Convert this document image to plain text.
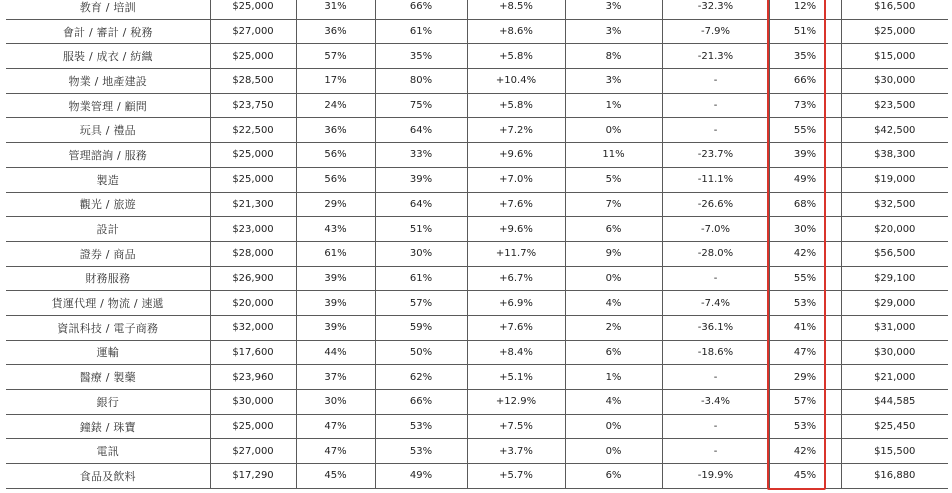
教育 / 培訓	$25,000	31%	66%	+8.5%	3%	-32.3%	12%	$16,500
會計 / 審計 / 稅務	$27,000	36%	61%	+8.6%	3%	-7.9%	51%	$25,000
服裝 / 成衣 / 紡織	$25,000	57%	35%	+5.8%	8%	-21.3%	35%	$15,000
物業 / 地產建設	$28,500	17%	80%	+10.4%	3%	-	66%	$30,000
物業管理 / 顧問	$23,750	24%	75%	+5.8%	1%	-	73%	$23,500
玩具 / 禮品	$22,500	36%	64%	+7.2%	0%	-	55%	$42,500
管理諮詢 / 服務	$25,000	56%	33%	+9.6%	11%	-23.7%	39%	$38,300
製造	$25,000	56%	39%	+7.0%	5%	-11.1%	49%	$19,000
觀光 / 旅遊	$21,300	29%	64%	+7.6%	7%	-26.6%	68%	$32,500
設計	$23,000	43%	51%	+9.6%	6%	-7.0%	30%	$20,000
證券 / 商品	$28,000	61%	30%	+11.7%	9%	-28.0%	42%	$56,500
財務服務	$26,900	39%	61%	+6.7%	0%	-	55%	$29,100
貨運代理 / 物流 / 速遞	$20,000	39%	57%	+6.9%	4%	-7.4%	53%	$29,000
資訊科技 / 電子商務	$32,000	39%	59%	+7.6%	2%	-36.1%	41%	$31,000
運輸	$17,600	44%	50%	+8.4%	6%	-18.6%	47%	$30,000
醫療 / 製藥	$23,960	37%	62%	+5.1%	1%	-	29%	$21,000
銀行	$30,000	30%	66%	+12.9%	4%	-3.4%	57%	$44,585
鐘錶 / 珠寶	$25,000	47%	53%	+7.5%	0%	-	53%	$25,450
電訊	$27,000	47%	53%	+3.7%	0%	-	42%	$15,500
食品及飲料	$17,290	45%	49%	+5.7%	6%	-19.9%	45%	$16,880
